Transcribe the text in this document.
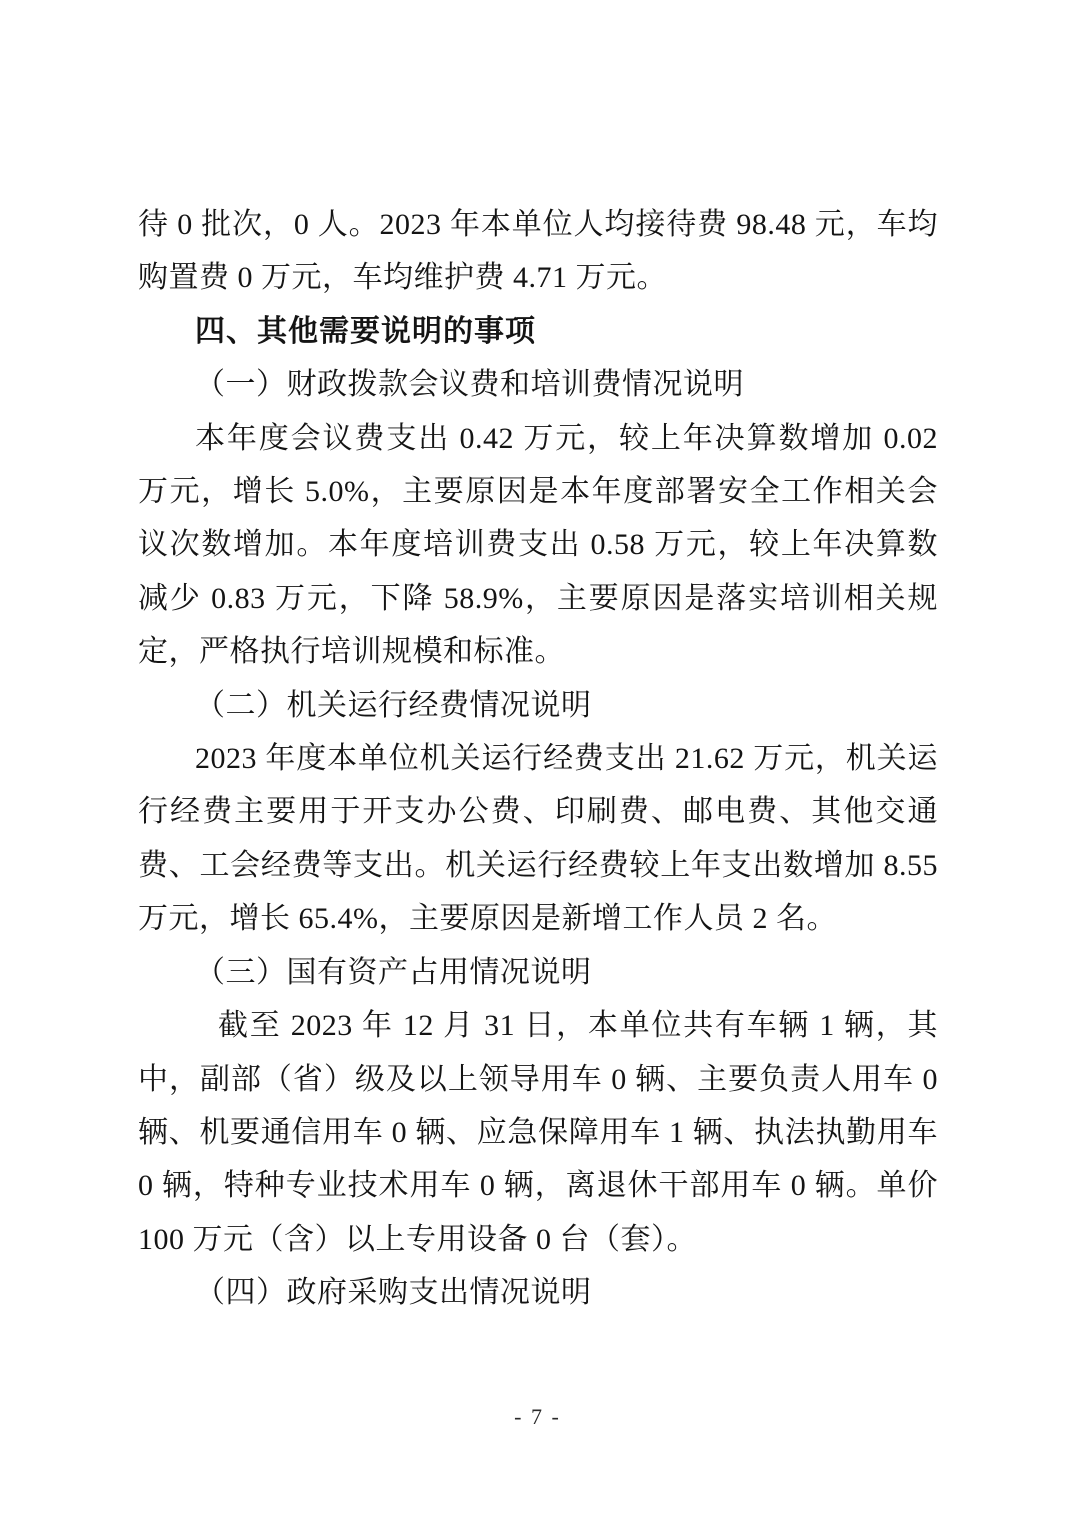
待 0 批次，0 人。2023 年本单位人均接待费 98.48 元，车均购置费 0 万元，车均维护费 4.71 万元。

四、其他需要说明的事项

（一）财政拨款会议费和培训费情况说明

本年度会议费支出 0.42 万元，较上年决算数增加 0.02 万元，增长 5.0%，主要原因是本年度部署安全工作相关会议次数增加。本年度培训费支出 0.58 万元，较上年决算数减少 0.83 万元，下降 58.9%，主要原因是落实培训相关规定，严格执行培训规模和标准。

（二）机关运行经费情况说明

2023 年度本单位机关运行经费支出 21.62 万元，机关运行经费主要用于开支办公费、印刷费、邮电费、其他交通费、工会经费等支出。机关运行经费较上年支出数增加 8.55 万元，增长 65.4%，主要原因是新增工作人员 2 名。

（三）国有资产占用情况说明

截至 2023 年 12 月 31 日，本单位共有车辆 1 辆，其中，副部（省）级及以上领导用车 0 辆、主要负责人用车 0 辆、机要通信用车 0 辆、应急保障用车 1 辆、执法执勤用车 0 辆，特种专业技术用车 0 辆，离退休干部用车 0 辆。单价 100 万元（含）以上专用设备 0 台（套）。

（四）政府采购支出情况说明

- 7 -
